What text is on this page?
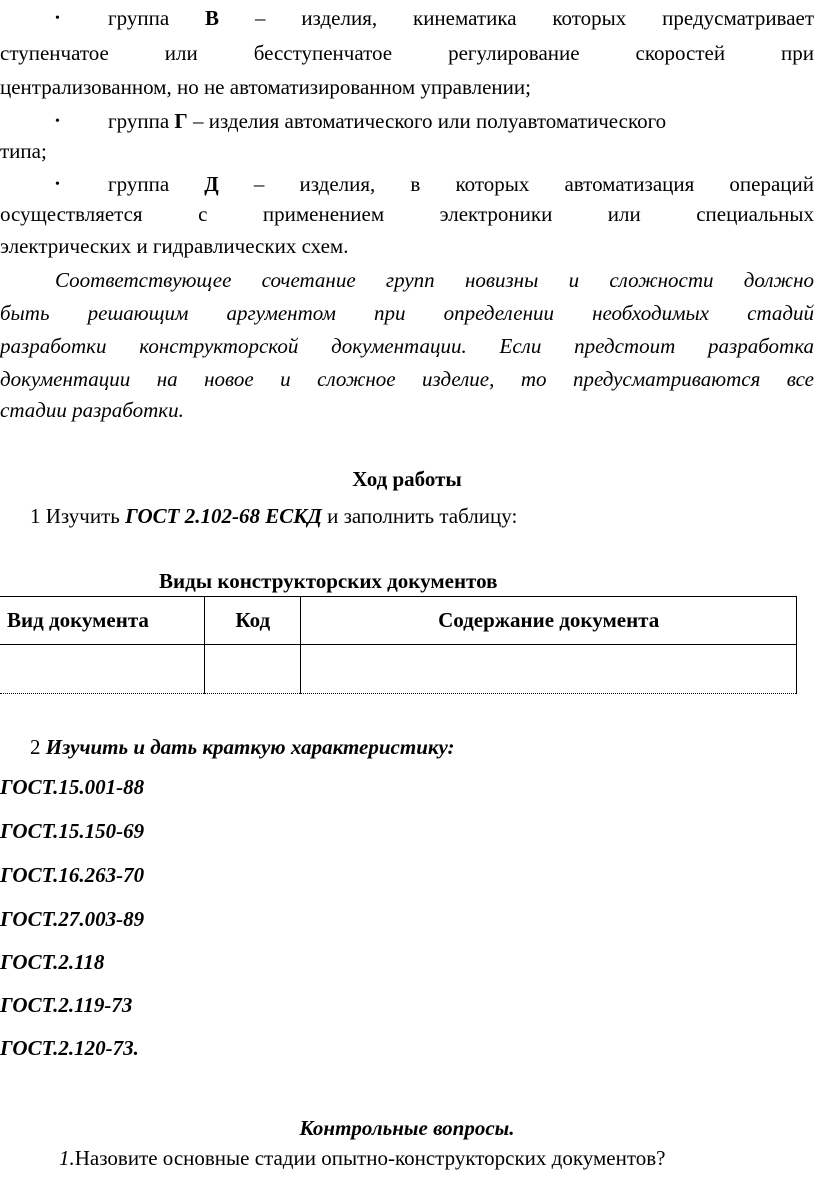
• группа В – изделия, кинематика которых предусматривает
ступенчатое или бесступенчатое регулирование скоростей при
централизованном, но не автоматизированном управлении;
• группа Г – изделия автоматического или полуавтоматического
типа;
• группа Д – изделия, в которых автоматизация операций
осуществляется с применением электроники или специальных
электрических и гидравлических схем.
Соответствующее сочетание групп новизны и сложности должно
быть решающим аргументом при определении необходимых стадий
разработки конструкторской документации. Если предстоит разработка
документации на новое и сложное изделие, то предусматриваются все
стадии разработки.
Ход работы
1 Изучить ГОСТ 2.102-68 ЕСКД и заполнить таблицу:
Виды конструкторских документов
Вид документа	Код	Содержание документа

2 Изучить и дать краткую характеристику:
ГОСТ.15.001-88
ГОСТ.15.150-69
ГОСТ.16.263-70
ГОСТ.27.003-89
ГОСТ.2.118
ГОСТ.2.119-73
ГОСТ.2.120-73.
Контрольные вопросы.
1.Назовите основные стадии опытно-конструкторских документов?
